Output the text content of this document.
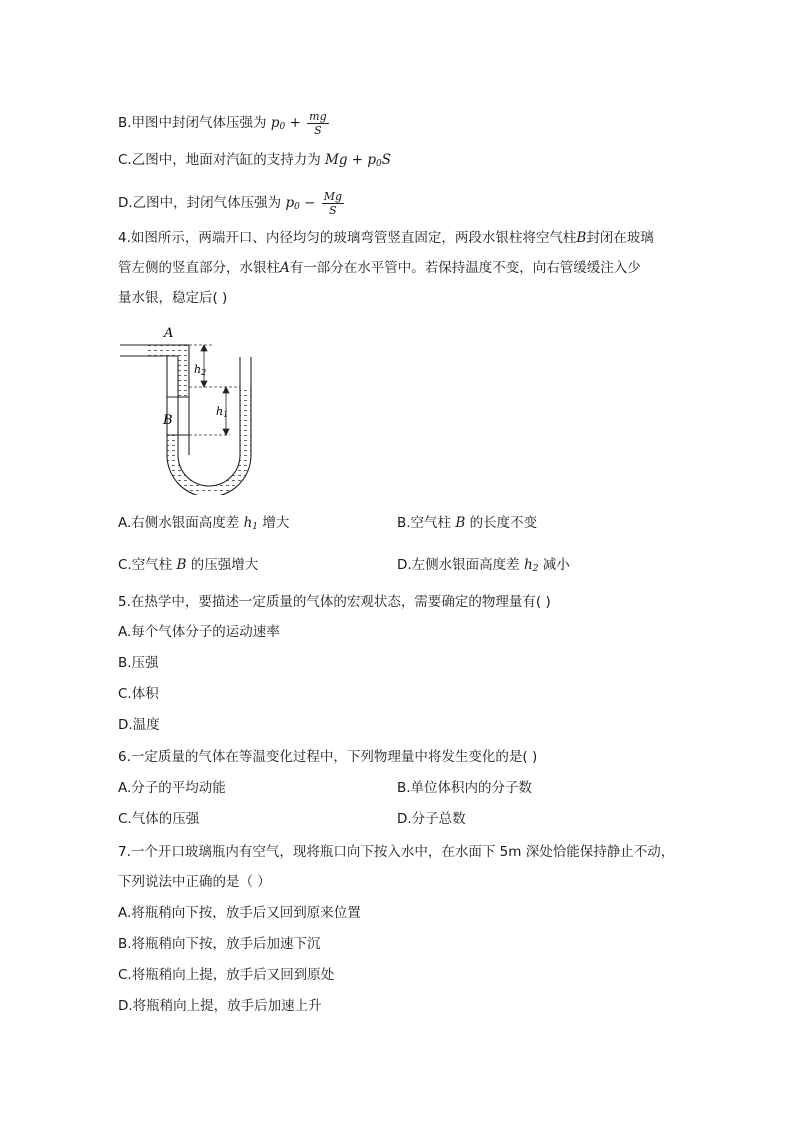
B.甲图中封闭气体压强为 $p_0 + \frac{mg}{S}$
C.乙图中，地面对汽缸的支持力为 $Mg + p_0S$
D.乙图中，封闭气体压强为 $p_0 - \frac{Mg}{S}$
4.如图所示，两端开口、内径均匀的玻璃弯管竖直固定，两段水银柱将空气柱B封闭在玻璃
管左侧的竖直部分，水银柱A有一部分在水平管中。若保持温度不变，向右管缓缓注入少
量水银，稳定后( )
A
B
h2
h1
A.右侧水银面高度差 $h_1$ 增大	B.空气柱 B 的长度不变
C.空气柱 B 的压强增大	D.左侧水银面高度差 $h_2$ 减小
5.在热学中，要描述一定质量的气体的宏观状态，需要确定的物理量有( )
A.每个气体分子的运动速率
B.压强
C.体积
D.温度
6.一定质量的气体在等温变化过程中，下列物理量中将发生变化的是( )
A.分子的平均动能	B.单位体积内的分子数
C.气体的压强	D.分子总数
7.一个开口玻璃瓶内有空气，现将瓶口向下按入水中，在水面下 5m 深处恰能保持静止不动，
下列说法中正确的是（ ）
A.将瓶稍向下按，放手后又回到原来位置
B.将瓶稍向下按，放手后加速下沉
C.将瓶稍向上提，放手后又回到原处
D.将瓶稍向上提，放手后加速上升
